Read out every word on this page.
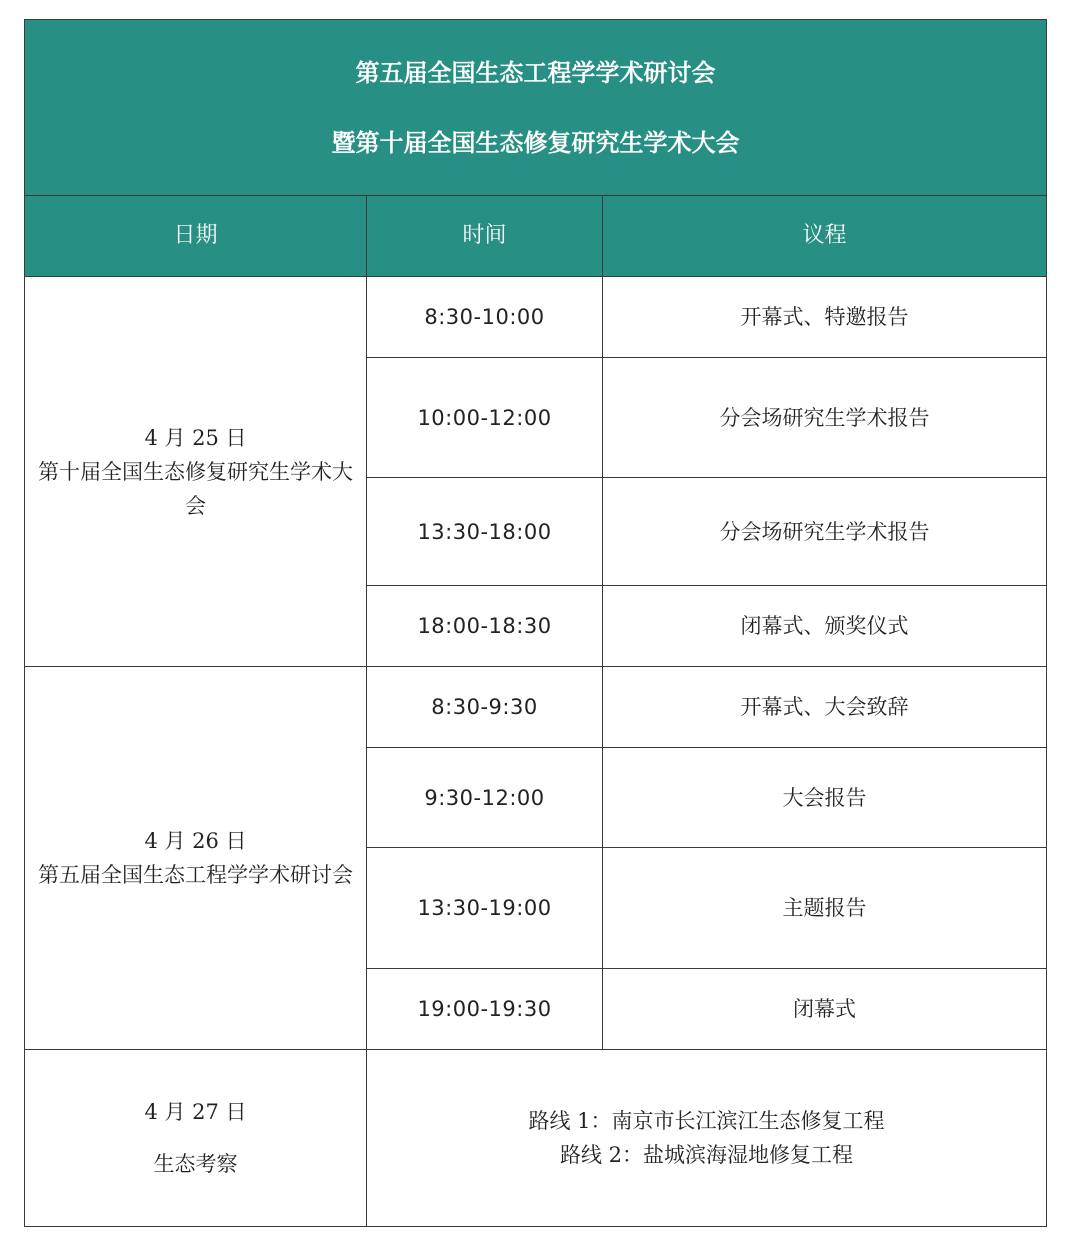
第五届全国生态工程学学术研讨会
暨第十届全国生态修复研究生学术大会		

日期	时间	议程

4 月 25 日
第十届全国生态修复研究生学术大会	8:30-10:00	开幕式、特邀报告
	10:00-12:00	分会场研究生学术报告
	13:30-18:00	分会场研究生学术报告
	18:00-18:30	闭幕式、颁奖仪式

4 月 26 日
第五届全国生态工程学学术研讨会	8:30-9:30	开幕式、大会致辞
	9:30-12:00	大会报告
	13:30-19:00	主题报告
	19:00-19:30	闭幕式

4 月 27 日
生态考察	路线 1：南京市长江滨江生态修复工程
路线 2：盐城滨海湿地修复工程	
